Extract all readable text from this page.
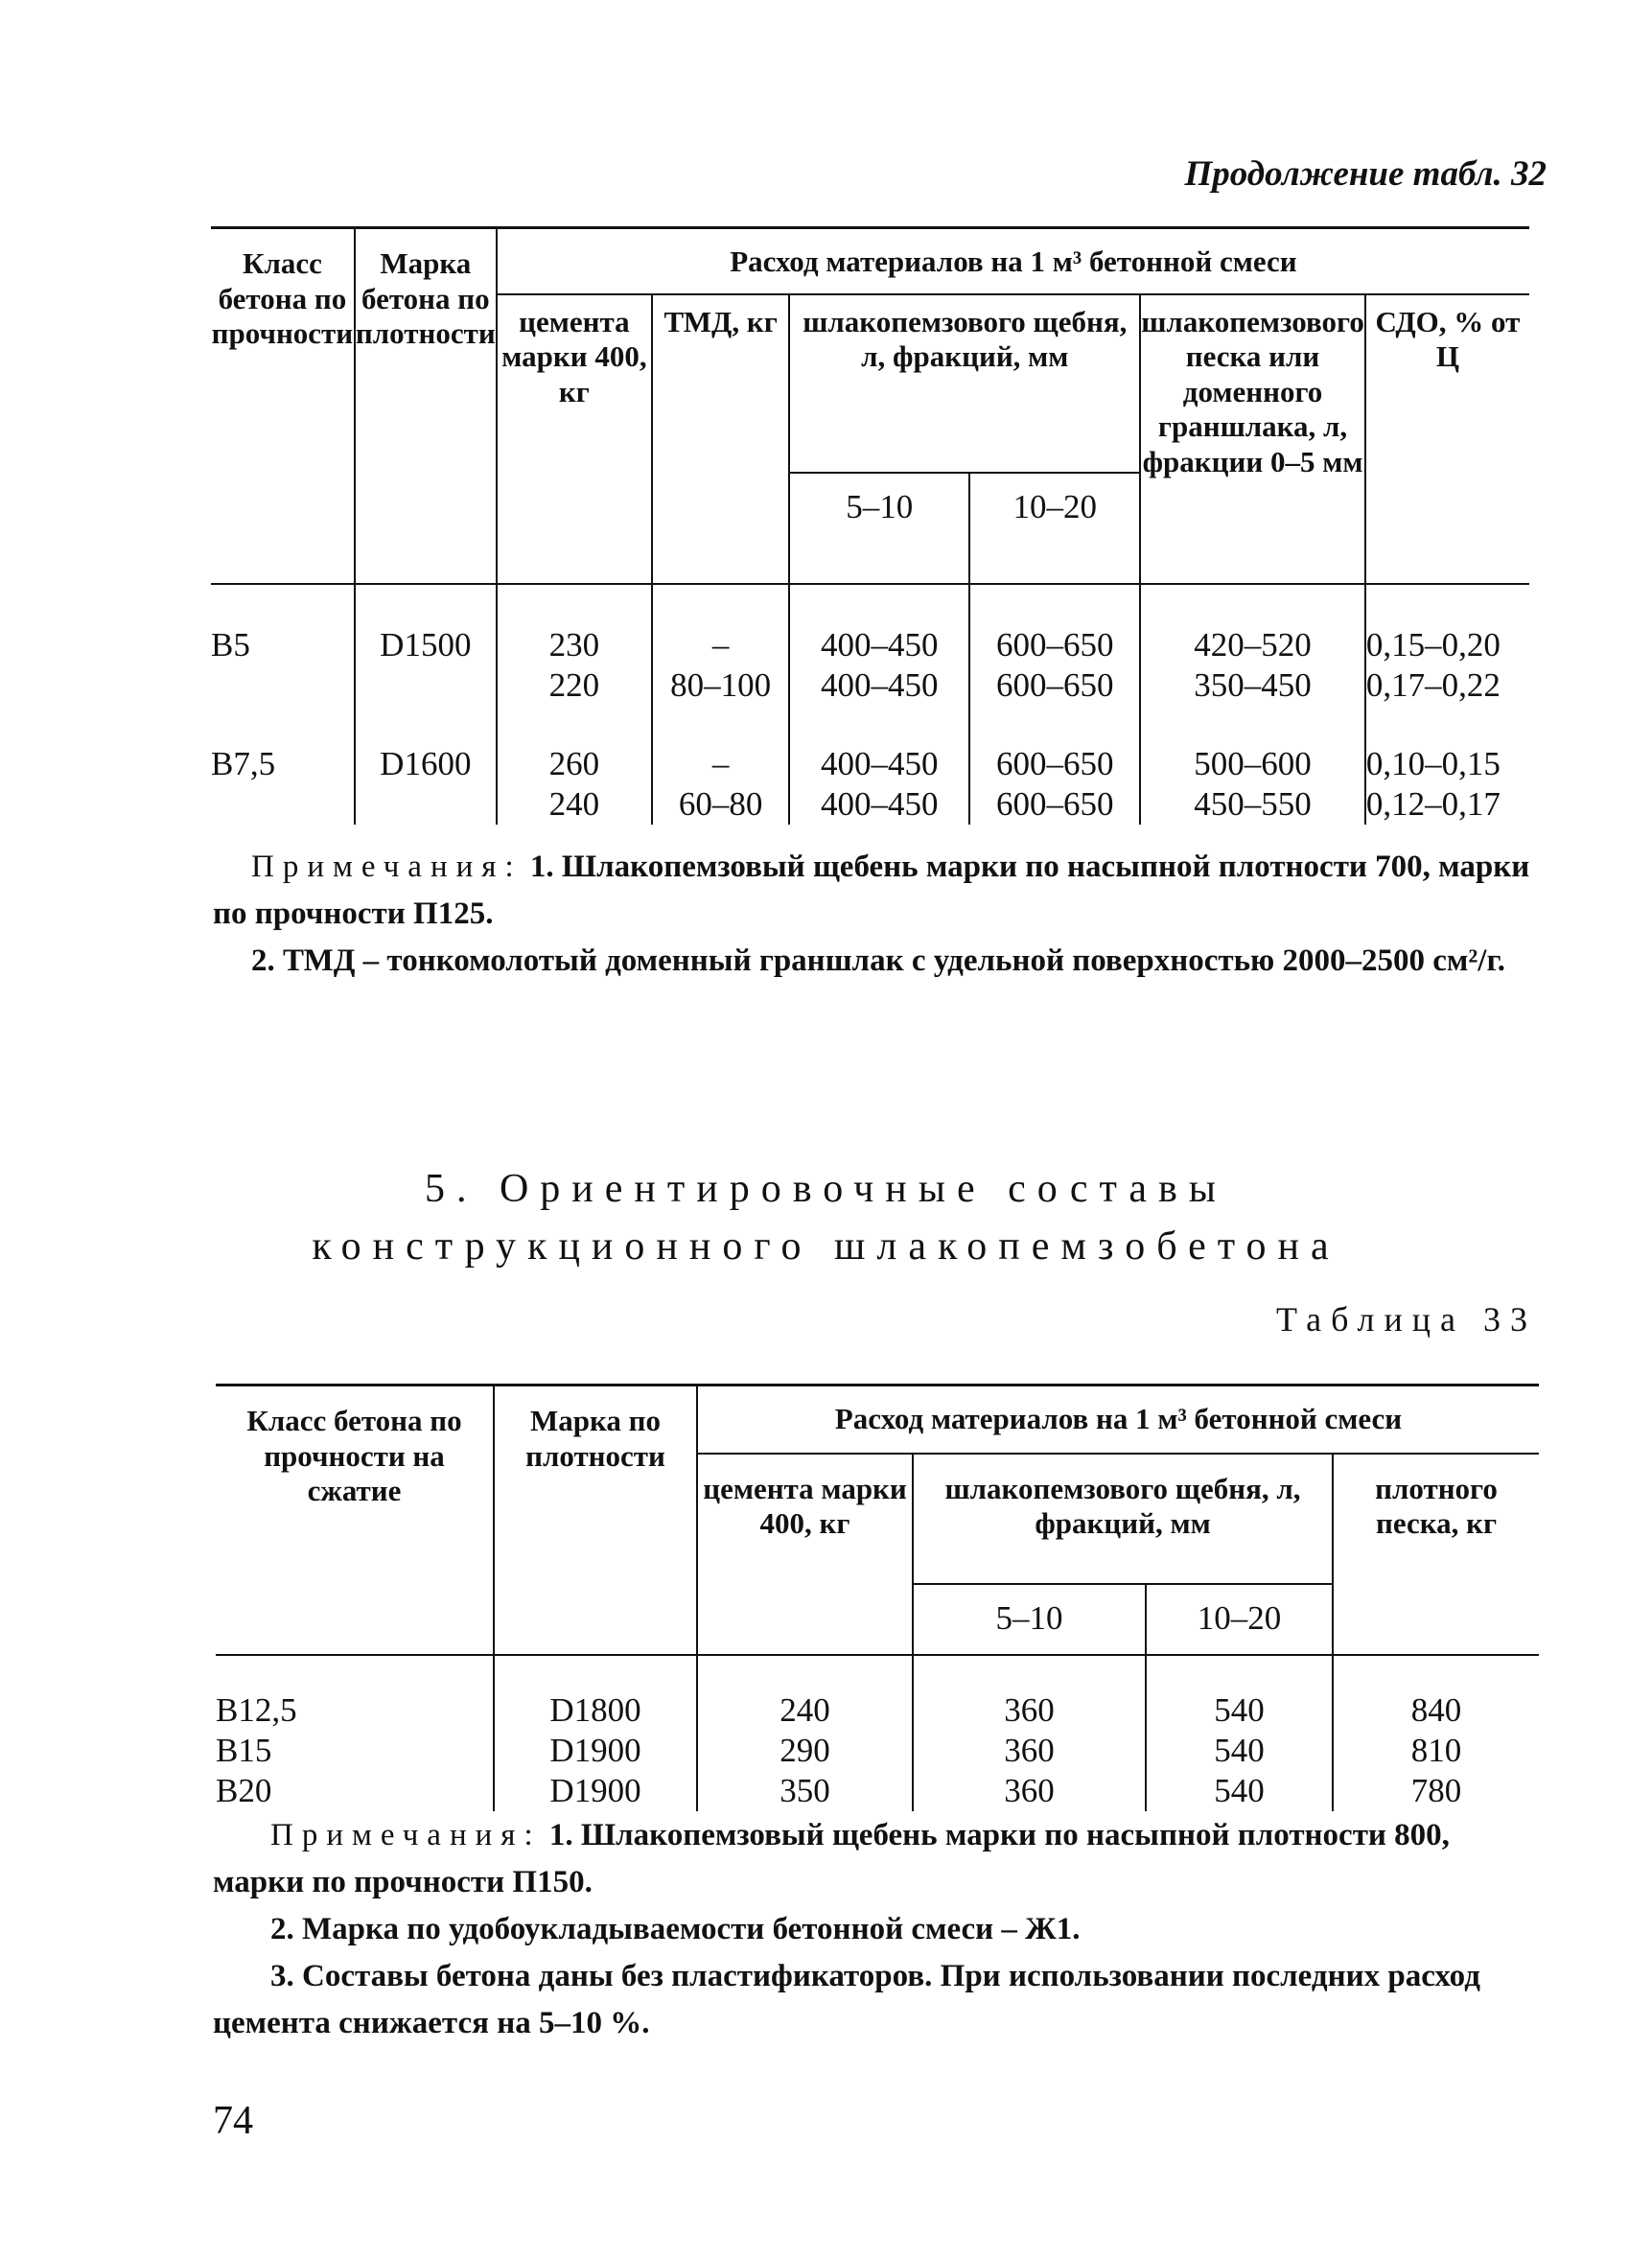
Продолжение табл. 32
Класс бетона по прочности	Марка бетона по плотности	Расход материалов на 1 м³ бетонной смеси					
		цемента марки 400, кг	ТМД, кг	шлакопемзового щебня, л, фракций, мм		шлакопемзового песка или доменного граншлака, л, фракции 0–5 мм	СДО, % от Ц
				5–10	10–20		
B5	D1500	230	–	400–450	600–650	420–520	0,15–0,20
		220	80–100	400–450	600–650	350–450	0,17–0,22
B7,5	D1600	260	–	400–450	600–650	500–600	0,10–0,15
		240	60–80	400–450	600–650	450–550	0,12–0,17

Примечания: 1. Шлакопемзовый щебень марки по насыпной плотности 700, марки по прочности П125.

2. ТМД – тонкомолотый доменный граншлак с удельной поверхностью 2000–2500 см²/г.

5. Ориентировочные составы
конструкционного шлакопемзобетона
Таблица 33
Класс бетона по прочности на сжатие	Марка по плотности	Расход материалов на 1 м³ бетонной смеси			
		цемента марки 400, кг	шлакопемзового щебня, л, фракций, мм		плотного песка, кг
			5–10	10–20	
B12,5	D1800	240	360	540	840
B15	D1900	290	360	540	810
B20	D1900	350	360	540	780

Примечания: 1. Шлакопемзовый щебень марки по насыпной плотности 800, марки по прочности П150.

2. Марка по удобоукладываемости бетонной смеси – Ж1.

3. Составы бетона даны без пластификаторов. При использовании последних расход цемента снижается на 5–10 %.

74
